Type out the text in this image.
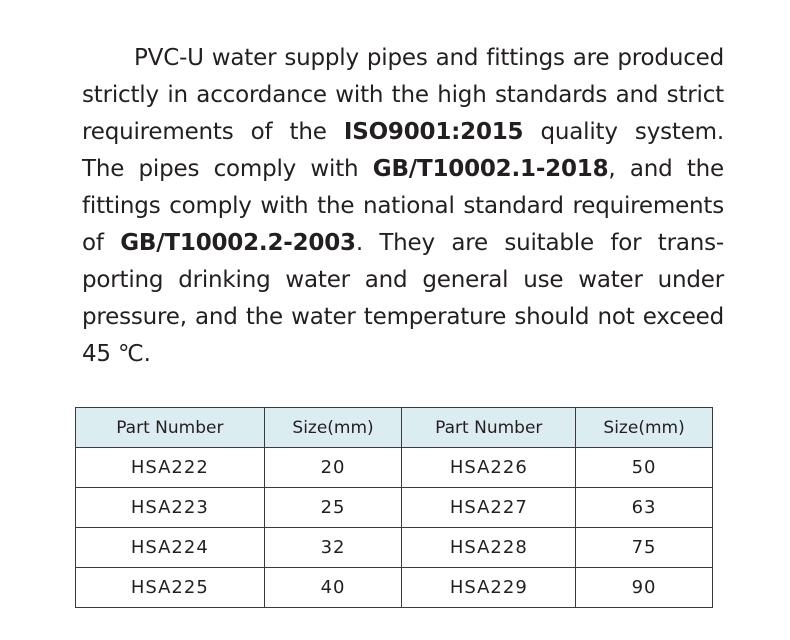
PVC-U water supply pipes and fittings are produced
strictly in accordance with the high standards and strict
requirements of the ISO9001:2015 quality system.
The pipes comply with GB/T10002.1-2018, and the
fittings comply with the national standard requirements
of GB/T10002.2-2003. They are suitable for trans-
porting drinking water and general use water under
pressure, and the water temperature should not exceed
45 ℃.

Part Number	Size(mm)	Part Number	Size(mm)
HSA222	20	HSA226	50
HSA223	25	HSA227	63
HSA224	32	HSA228	75
HSA225	40	HSA229	90
